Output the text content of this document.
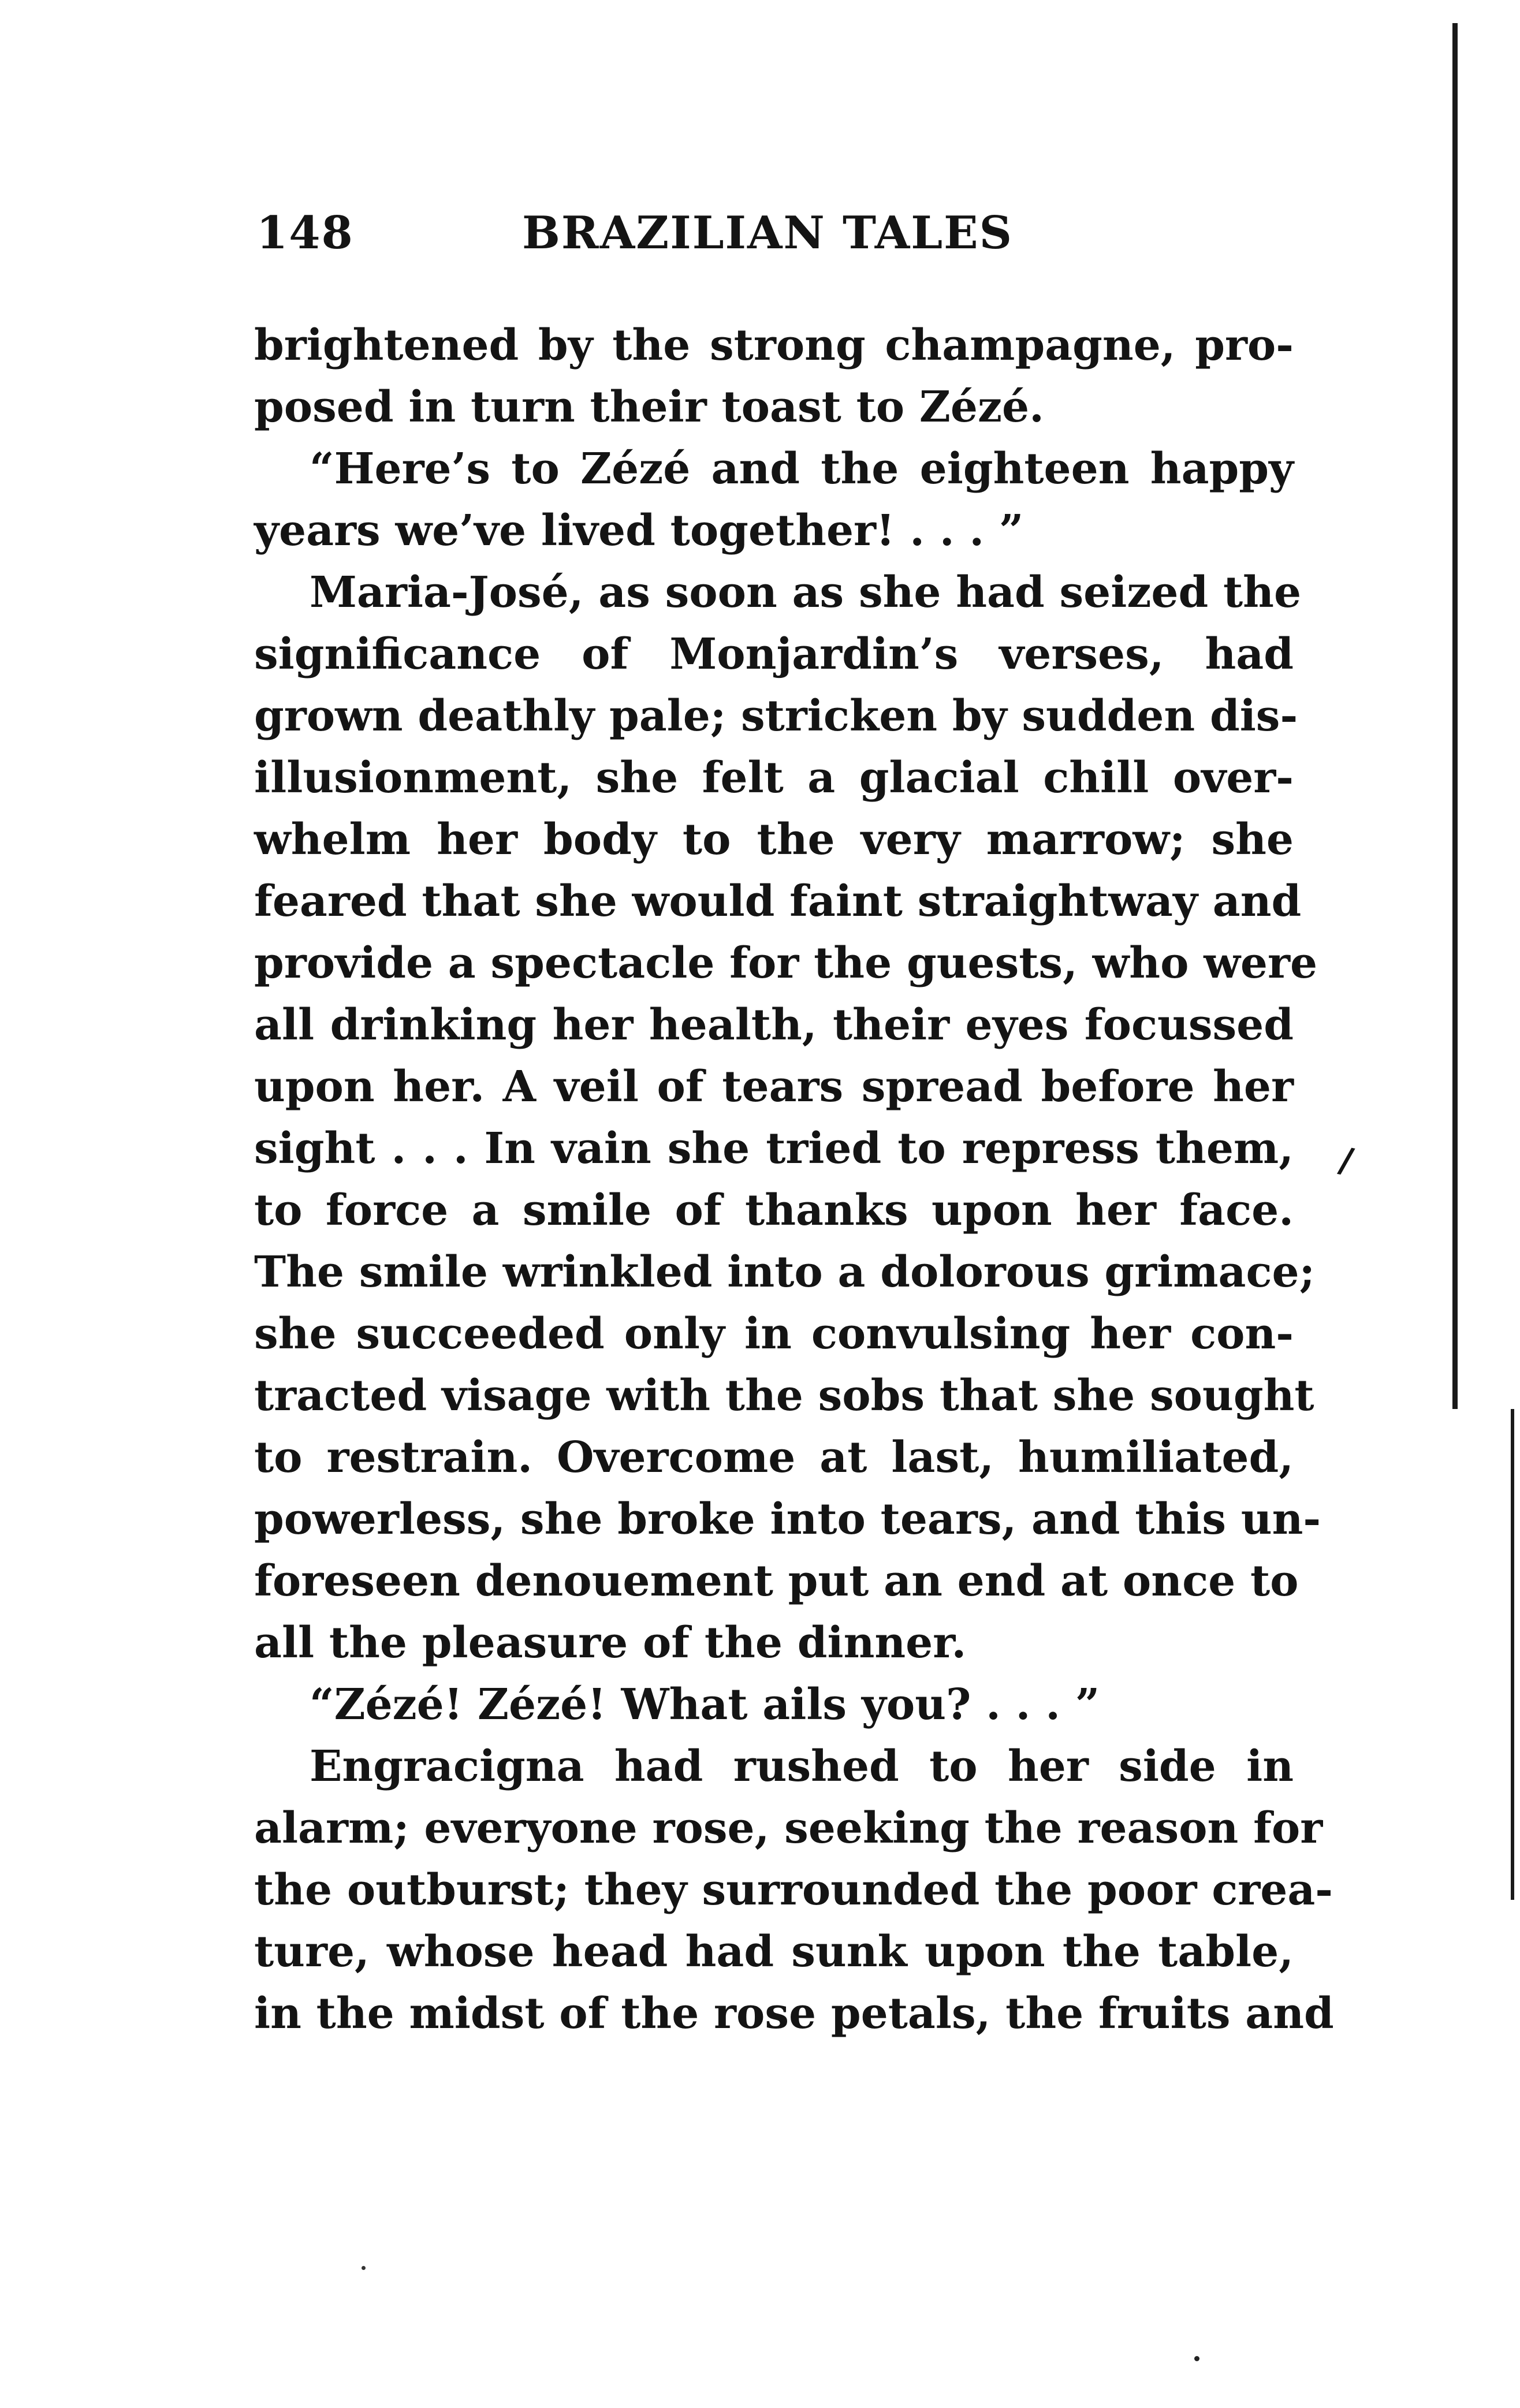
148	BRAZILIAN TALES
brightened by the strong champagne, pro-
posed in turn their toast to Zézé.
“Here’s to Zézé and the eighteen happy
years we’ve lived together! . . . ”
Maria-José, as soon as she had seized the
significance of Monjardin’s verses, had
grown deathly pale; stricken by sudden dis-
illusionment, she felt a glacial chill over-
whelm her body to the very marrow; she
feared that she would faint straightway and
provide a spectacle for the guests, who were
all drinking her health, their eyes focussed
upon her. A veil of tears spread before her
sight . . . In vain she tried to repress them,
to force a smile of thanks upon her face.
The smile wrinkled into a dolorous grimace;
she succeeded only in convulsing her con-
tracted visage with the sobs that she sought
to restrain. Overcome at last, humiliated,
powerless, she broke into tears, and this un-
foreseen denouement put an end at once to
all the pleasure of the dinner.
“Zézé! Zézé! What ails you? . . . ”
Engracigna had rushed to her side in
alarm; everyone rose, seeking the reason for
the outburst; they surrounded the poor crea-
ture, whose head had sunk upon the table,
in the midst of the rose petals, the fruits and
/
